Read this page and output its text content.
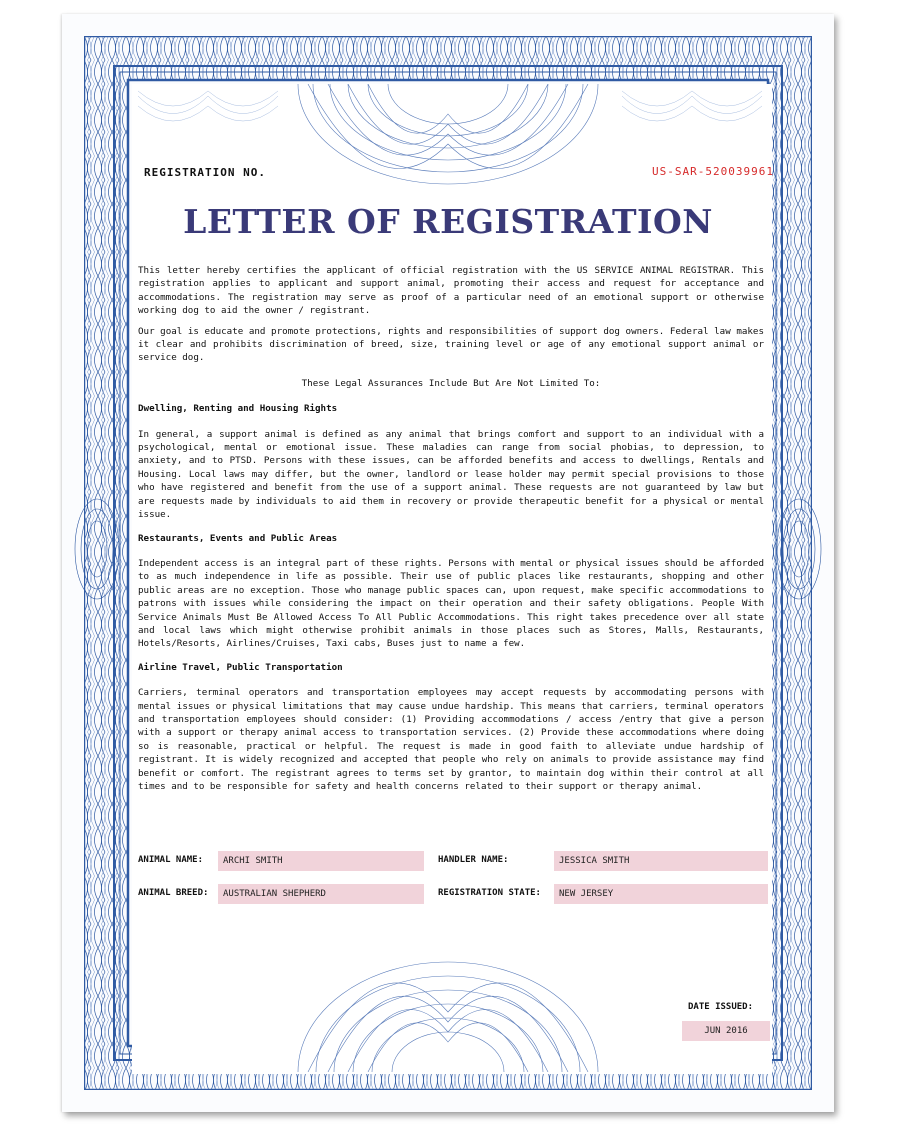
REGISTRATION NO.	US-SAR-520039961
LETTER OF REGISTRATION

This letter hereby certifies the applicant of official registration with the US SERVICE ANIMAL REGISTRAR. This registration applies to applicant and support animal, promoting their access and request for acceptance and accommodations. The registration may serve as proof of a particular need of an emotional support or otherwise working dog to aid the owner / registrant.

Our goal is educate and promote protections, rights and responsibilities of support dog owners. Federal law makes it clear and prohibits discrimination of breed, size, training level or age of any emotional support animal or service dog.

These Legal Assurances Include But Are Not Limited To:

Dwelling, Renting and Housing Rights

In general, a support animal is defined as any animal that brings comfort and support to an individual with a psychological, mental or emotional issue. These maladies can range from social phobias, to depression, to anxiety, and to PTSD. Persons with these issues, can be afforded benefits and access to dwellings, Rentals and Housing. Local laws may differ, but the owner, landlord or lease holder may permit special provisions to those who have registered and benefit from the use of a support animal. These requests are not guaranteed by law but are requests made by individuals to aid them in recovery or provide therapeutic benefit for a physical or mental issue.

Restaurants, Events and Public Areas

Independent access is an integral part of these rights. Persons with mental or physical issues should be afforded to as much independence in life as possible. Their use of public places like restaurants, shopping and other public areas are no exception. Those who manage public spaces can, upon request, make specific accommodations to patrons with issues while considering the impact on their operation and their safety obligations. People With Service Animals Must Be Allowed Access To All Public Accommodations. This right takes precedence over all state and local laws which might otherwise prohibit animals in those places such as Stores, Malls, Restaurants, Hotels/Resorts, Airlines/Cruises, Taxi cabs, Buses just to name a few.

Airline Travel, Public Transportation

Carriers, terminal operators and transportation employees may accept requests by accommodating persons with mental issues or physical limitations that may cause undue hardship. This means that carriers, terminal operators and transportation employees should consider: (1) Providing accommodations / access /entry that give a person with a support or therapy animal access to transportation services. (2) Provide these accommodations where doing so is reasonable, practical or helpful. The request is made in good faith to alleviate undue hardship of registrant. It is widely recognized and accepted that people who rely on animals to provide assistance may find benefit or comfort. The registrant agrees to terms set by grantor, to maintain dog within their control at all times and to be responsible for safety and health concerns related to their support or therapy animal.

ANIMAL NAME:	ARCHI SMITH	HANDLER NAME:	JESSICA SMITH
ANIMAL BREED:	AUSTRALIAN SHEPHERD	REGISTRATION STATE:	NEW JERSEY
DATE ISSUED:
JUN 2016
